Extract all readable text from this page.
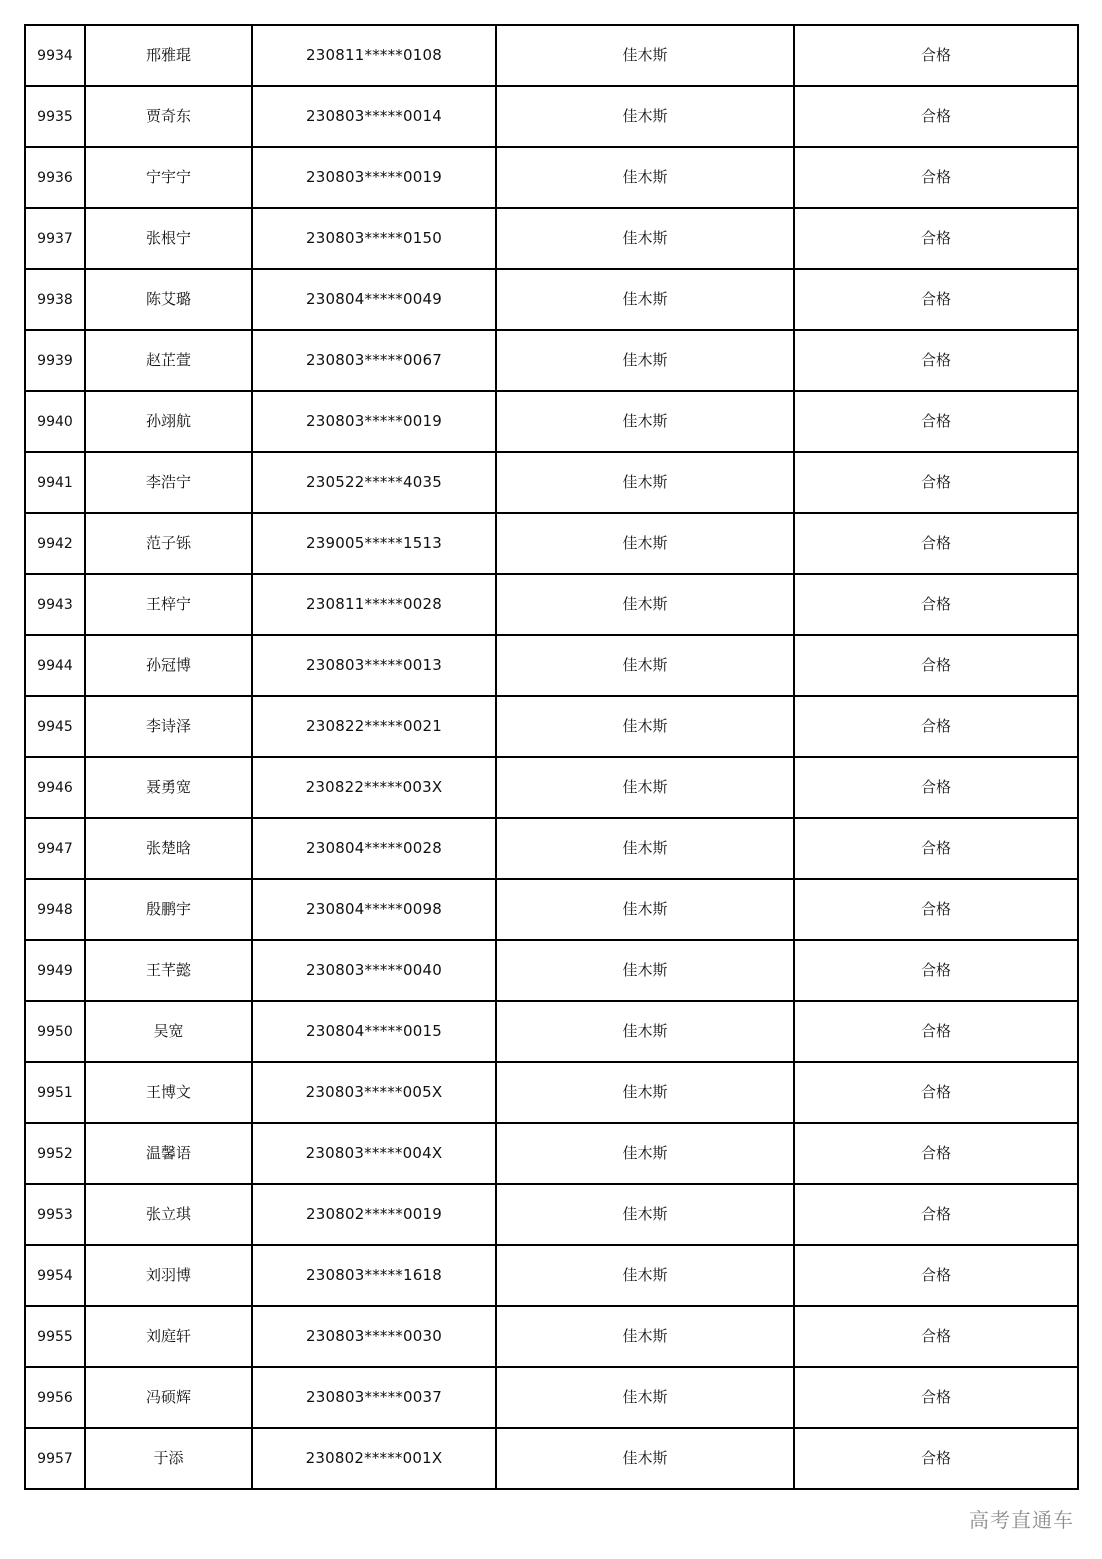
9934	邢雅琨	230811*****0108	佳木斯	合格
9935	贾奇东	230803*****0014	佳木斯	合格
9936	宁宇宁	230803*****0019	佳木斯	合格
9937	张根宁	230803*****0150	佳木斯	合格
9938	陈艾璐	230804*****0049	佳木斯	合格
9939	赵芷萱	230803*****0067	佳木斯	合格
9940	孙翊航	230803*****0019	佳木斯	合格
9941	李浩宁	230522*****4035	佳木斯	合格
9942	范子铄	239005*****1513	佳木斯	合格
9943	王梓宁	230811*****0028	佳木斯	合格
9944	孙冠博	230803*****0013	佳木斯	合格
9945	李诗泽	230822*****0021	佳木斯	合格
9946	聂勇宽	230822*****003X	佳木斯	合格
9947	张楚晗	230804*****0028	佳木斯	合格
9948	殷鹏宇	230804*****0098	佳木斯	合格
9949	王芊懿	230803*****0040	佳木斯	合格
9950	吴宽	230804*****0015	佳木斯	合格
9951	王博文	230803*****005X	佳木斯	合格
9952	温馨语	230803*****004X	佳木斯	合格
9953	张立琪	230802*****0019	佳木斯	合格
9954	刘羽博	230803*****1618	佳木斯	合格
9955	刘庭轩	230803*****0030	佳木斯	合格
9956	冯硕辉	230803*****0037	佳木斯	合格
9957	于添	230802*****001X	佳木斯	合格
高考直通车
